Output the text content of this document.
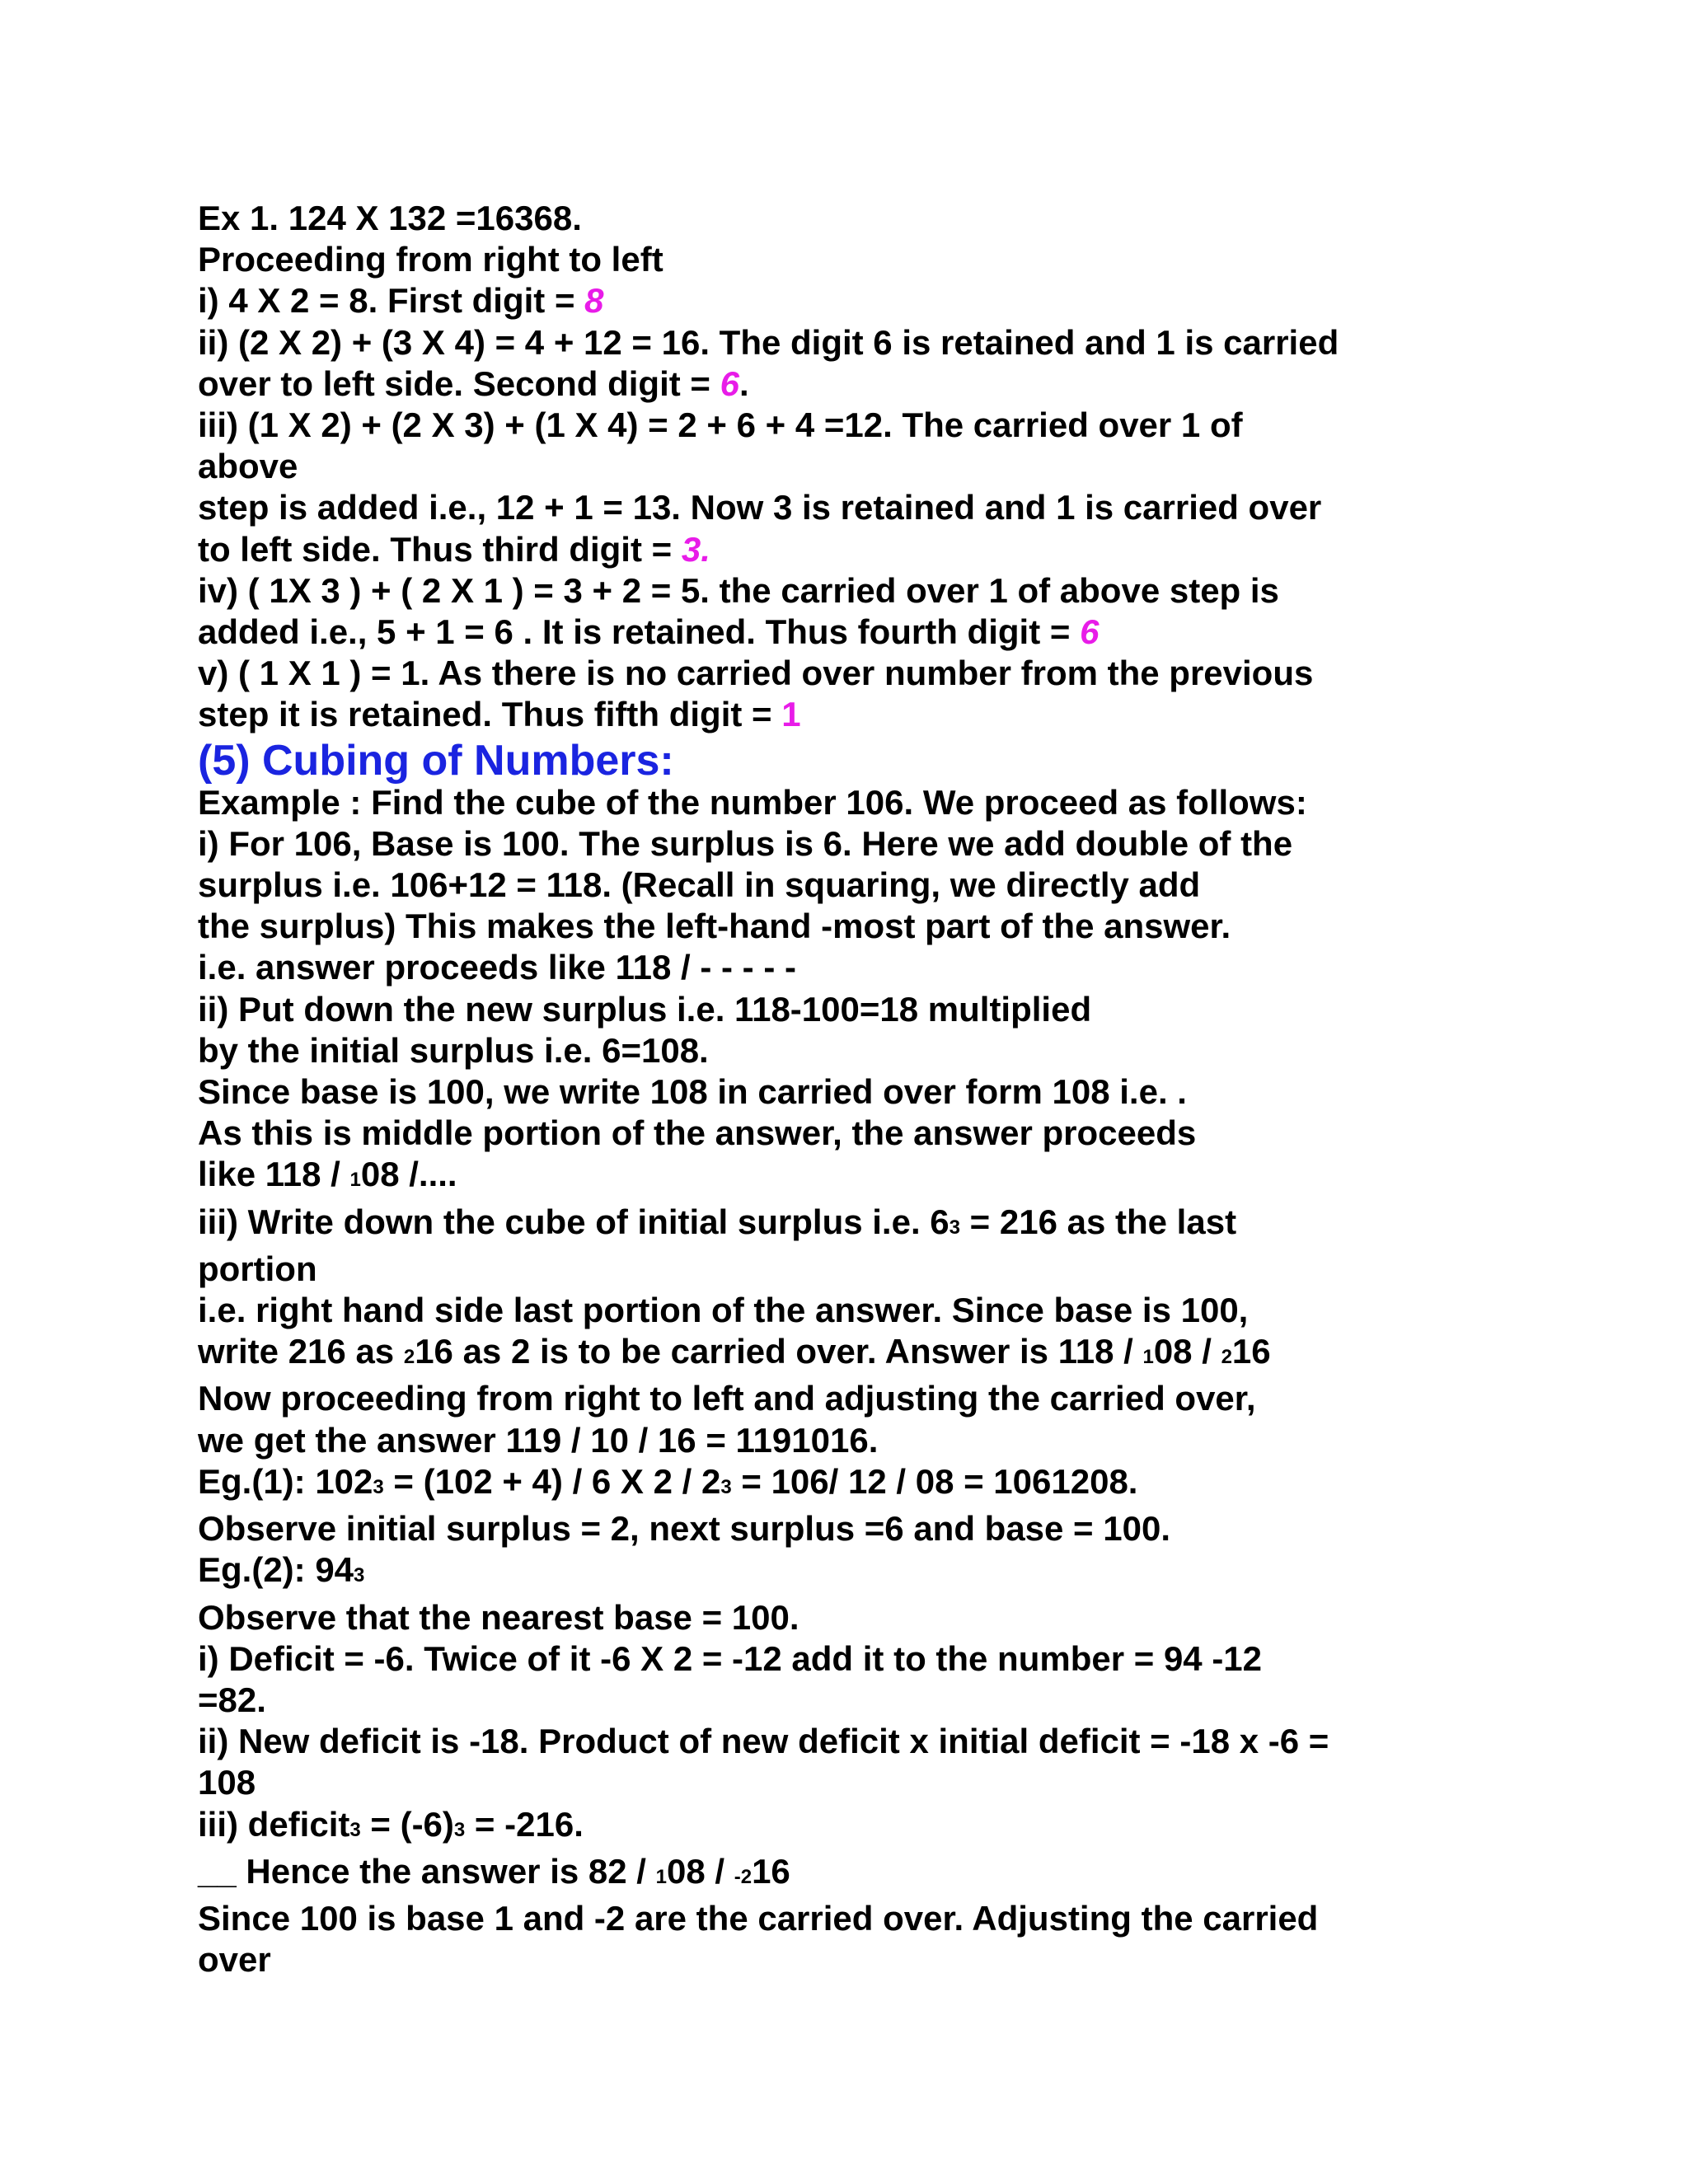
Ex 1. 124 X 132 =16368.
Proceeding from right to left
i) 4 X 2 = 8. First digit = 8
ii) (2 X 2) + (3 X 4) = 4 + 12 = 16. The digit 6 is retained and 1 is carried
over to left side. Second digit = 6.
iii) (1 X 2) + (2 X 3) + (1 X 4) = 2 + 6 + 4 =12. The carried over 1 of
above
step is added i.e., 12 + 1 = 13. Now 3 is retained and 1 is carried over
to left side. Thus third digit = 3.
iv) ( 1X 3 ) + ( 2 X 1 ) = 3 + 2 = 5. the carried over 1 of above step is
added i.e., 5 + 1 = 6 . It is retained. Thus fourth digit = 6
v) ( 1 X 1 ) = 1. As there is no carried over number from the previous
step it is retained. Thus fifth digit = 1
(5) Cubing of Numbers:
Example : Find the cube of the number 106. We proceed as follows:
i) For 106, Base is 100. The surplus is 6. Here we add double of the
surplus i.e. 106+12 = 118. (Recall in squaring, we directly add
the surplus) This makes the left-hand -most part of the answer.
i.e. answer proceeds like 118 / - - - - -
ii) Put down the new surplus i.e. 118-100=18 multiplied
by the initial surplus i.e. 6=108.
Since base is 100, we write 108 in carried over form 108 i.e. .
As this is middle portion of the answer, the answer proceeds
like 118 / 108 /....
iii) Write down the cube of initial surplus i.e. 63 = 216 as the last
portion
i.e. right hand side last portion of the answer. Since base is 100,
write 216 as 216 as 2 is to be carried over. Answer is 118 / 108 / 216
Now proceeding from right to left and adjusting the carried over,
we get the answer 119 / 10 / 16 = 1191016.
Eg.(1): 1023 = (102 + 4) / 6 X 2 / 23 = 106/ 12 / 08 = 1061208.
Observe initial surplus = 2, next surplus =6 and base = 100.
Eg.(2): 943
Observe that the nearest base = 100.
i) Deficit = -6. Twice of it -6 X 2 = -12 add it to the number = 94 -12
=82.
ii) New deficit is -18. Product of new deficit x initial deficit = -18 x -6 =
108
iii) deficit3 = (-6)3 = -216.
__ Hence the answer is 82 / 108 / -216
Since 100 is base 1 and -2 are the carried over. Adjusting the carried
over
